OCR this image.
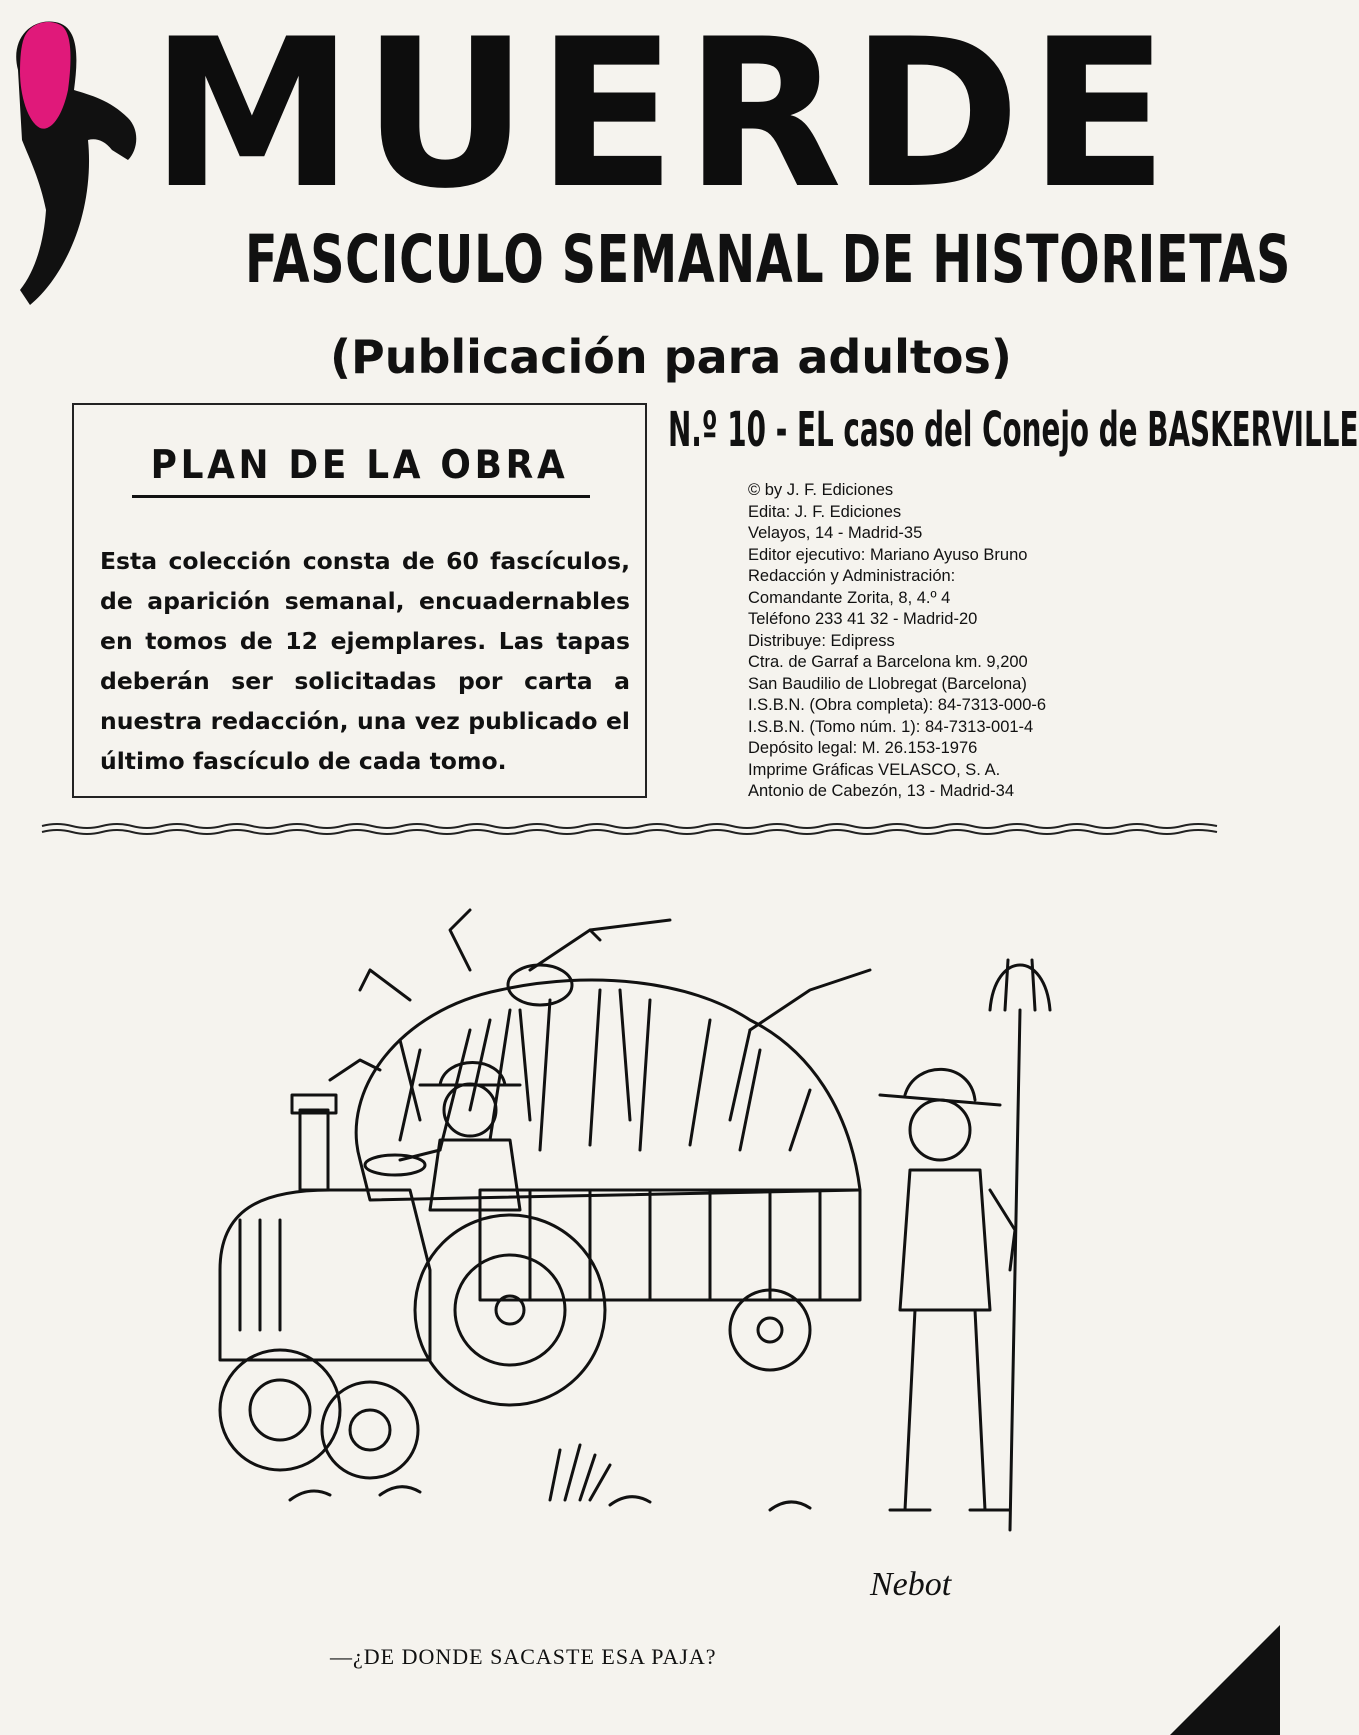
MUERDE
FASCICULO SEMANAL DE HISTORIETAS
(Publicación para adultos)
PLAN DE LA OBRA
Esta colección consta de 60 fascículos, de aparición semanal, encuadernables en tomos de 12 ejemplares. Las tapas deberán ser solicitadas por carta a nuestra redacción, una vez publicado el último fascículo de cada tomo.
N.º 10 - EL caso del Conejo de BASKERVILLE
© by J. F. Ediciones
Edita: J. F. Ediciones
Velayos, 14 - Madrid-35
Editor ejecutivo: Mariano Ayuso Bruno
Redacción y Administración:
Comandante Zorita, 8, 4.º 4
Teléfono 233 41 32 - Madrid-20
Distribuye: Edipress
Ctra. de Garraf a Barcelona km. 9,200
San Baudilio de Llobregat (Barcelona)
I.S.B.N. (Obra completa): 84-7313-000-6
I.S.B.N. (Tomo núm. 1): 84-7313-001-4
Depósito legal: M. 26.153-1976
Imprime Gráficas VELASCO, S. A.
Antonio de Cabezón, 13 - Madrid-34
Nebot
—¿DE DONDE SACASTE ESA PAJA?
